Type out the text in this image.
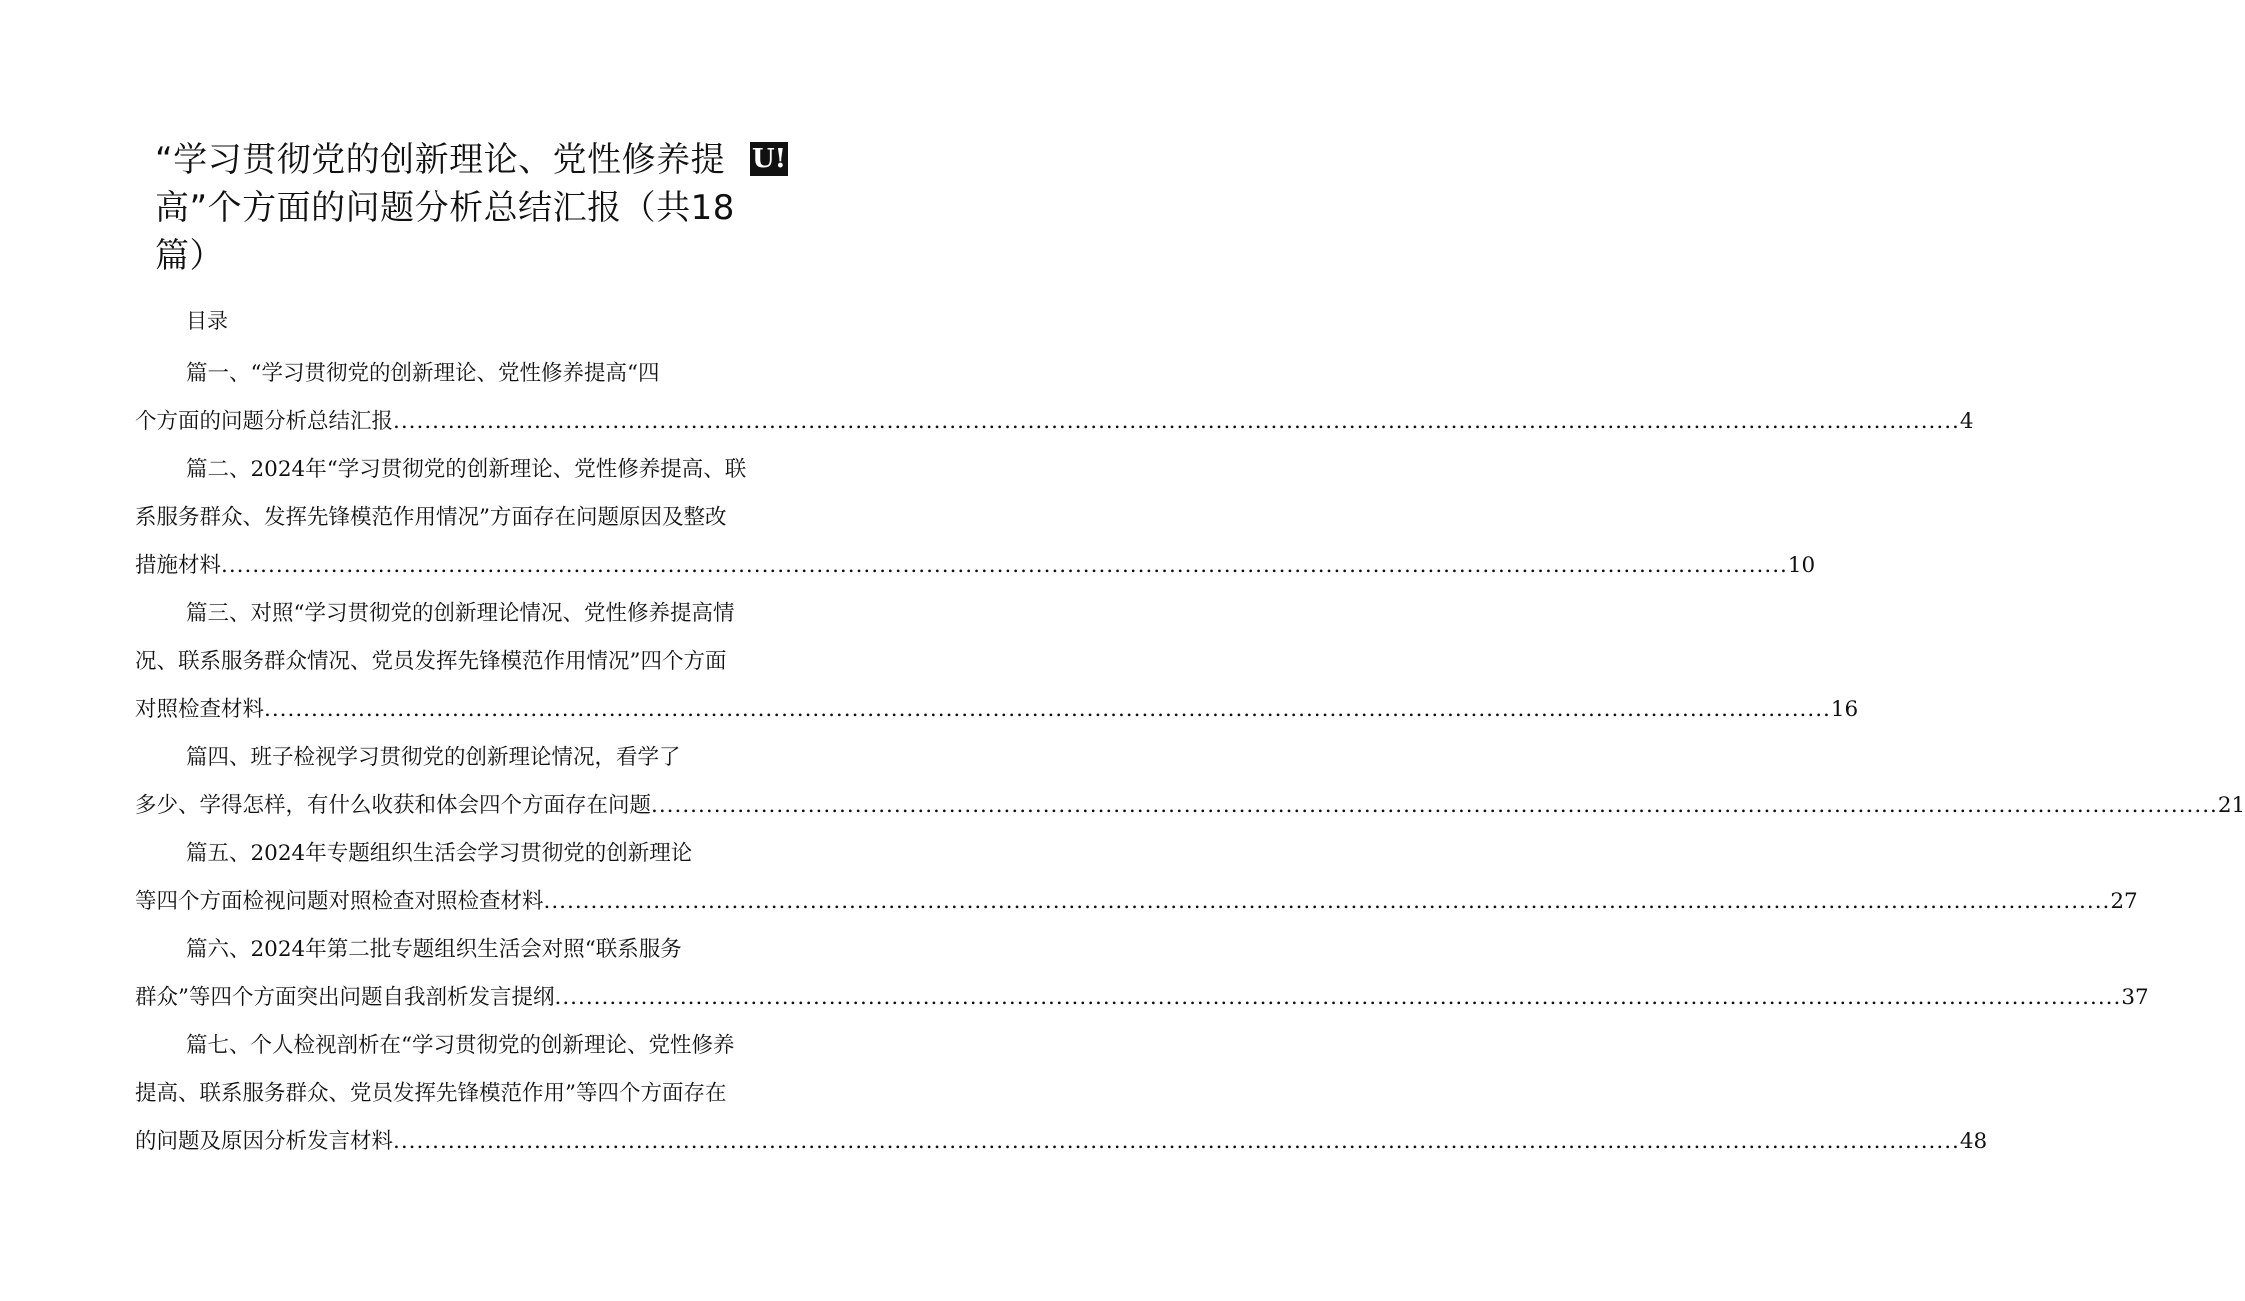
“学习贯彻党的创新理论、党性修养提高”个方面的问题分析总结汇报（共18篇）
U!
目录
篇一、“学习贯彻党的创新理论、党性修养提高“四
个方面的问题分析总结汇报 ........................................................................................................................................................................................................ 4
篇二、2024年“学习贯彻党的创新理论、党性修养提高、联
系服务群众、发挥先锋模范作用情况”方面存在问题原因及整改
措施材料 ........................................................................................................................................................................................................ 10
篇三、对照“学习贯彻党的创新理论情况、党性修养提高情
况、联系服务群众情况、党员发挥先锋模范作用情况”四个方面
对照检查材料 ........................................................................................................................................................................................................ 16
篇四、班子检视学习贯彻党的创新理论情况，看学了
多少、学得怎样，有什么收获和体会四个方面存在问题 ........................................................................................................................................................................................................ 21
篇五、2024年专题组织生活会学习贯彻党的创新理论
等四个方面检视问题对照检查对照检查材料 ........................................................................................................................................................................................................ 27
篇六、2024年第二批专题组织生活会对照“联系服务
群众”等四个方面突出问题自我剖析发言提纲 ........................................................................................................................................................................................................ 37
篇七、个人检视剖析在“学习贯彻党的创新理论、党性修养
提高、联系服务群众、党员发挥先锋模范作用”等四个方面存在
的问题及原因分析发言材料 ........................................................................................................................................................................................................ 48
